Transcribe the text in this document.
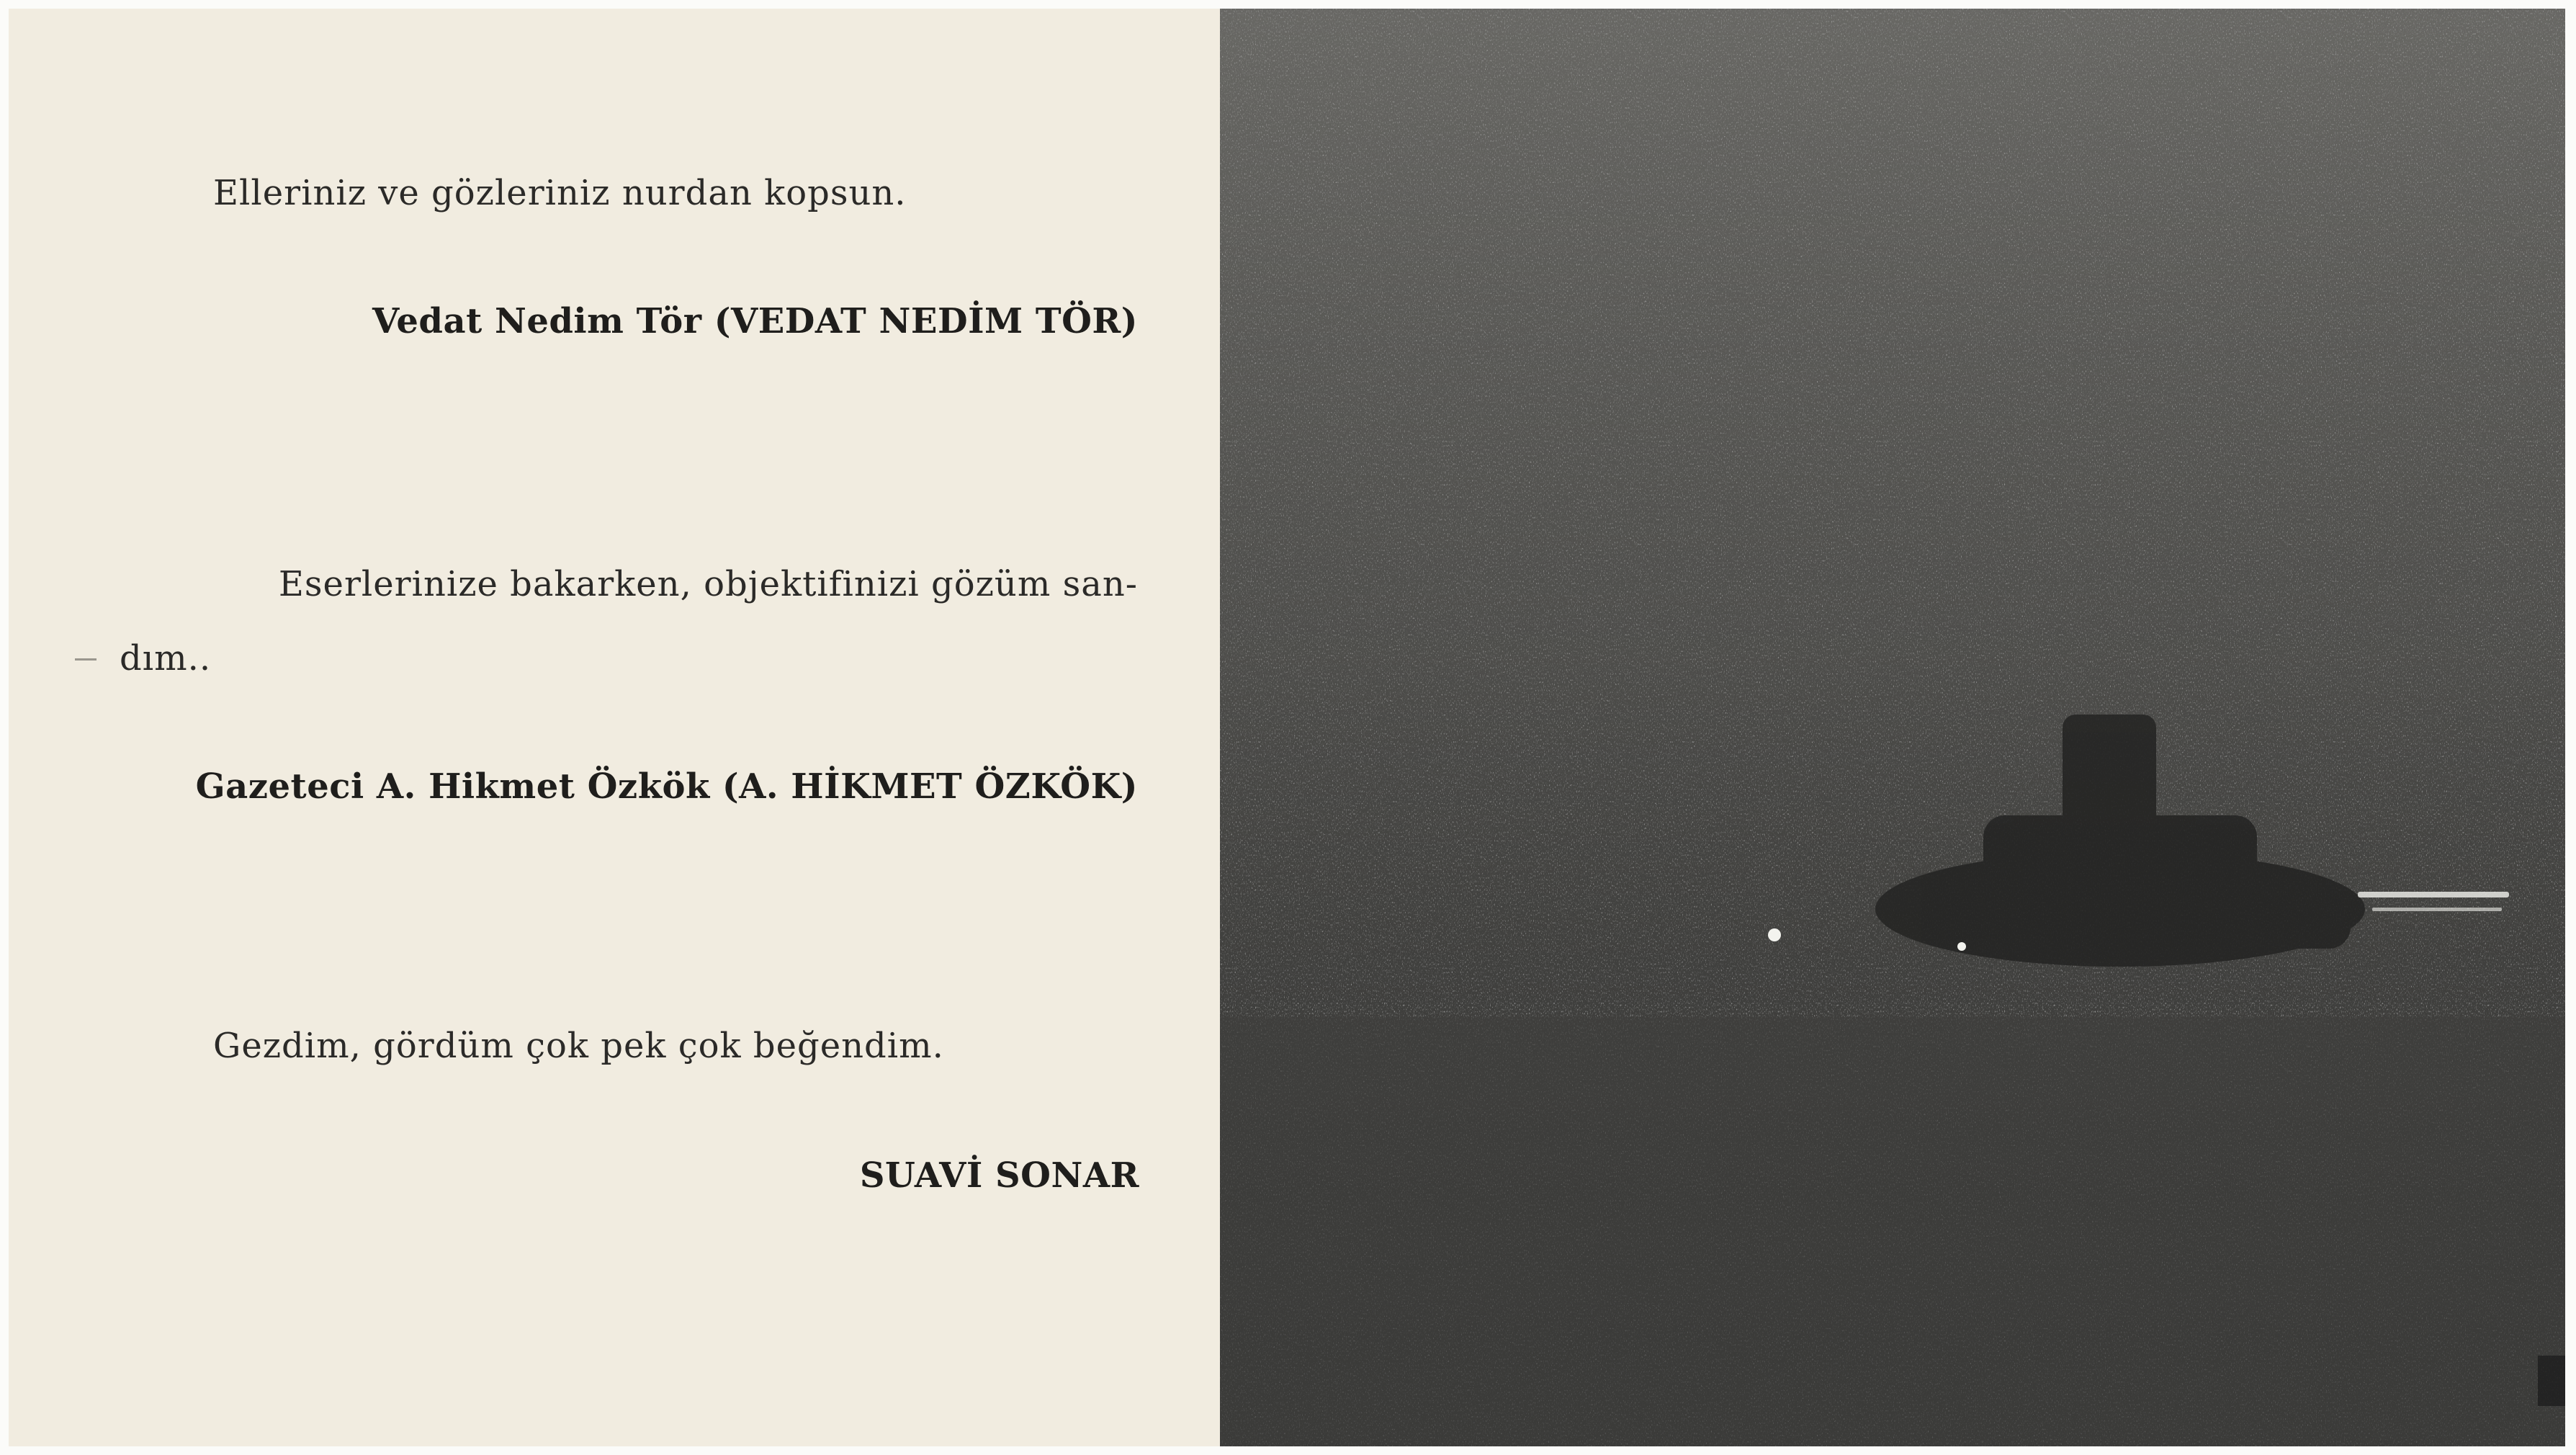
Elleriniz ve gözleriniz nurdan kopsun.

Vedat Nedim Tör (VEDAT NEDİM TÖR)

Eserlerinize bakarken, objektifinizi gözüm san-

dım..

Gazeteci A. Hikmet Özkök (A. HİKMET ÖZKÖK)

Gezdim, gördüm çok pek çok beğendim.

SUAVİ SONAR
